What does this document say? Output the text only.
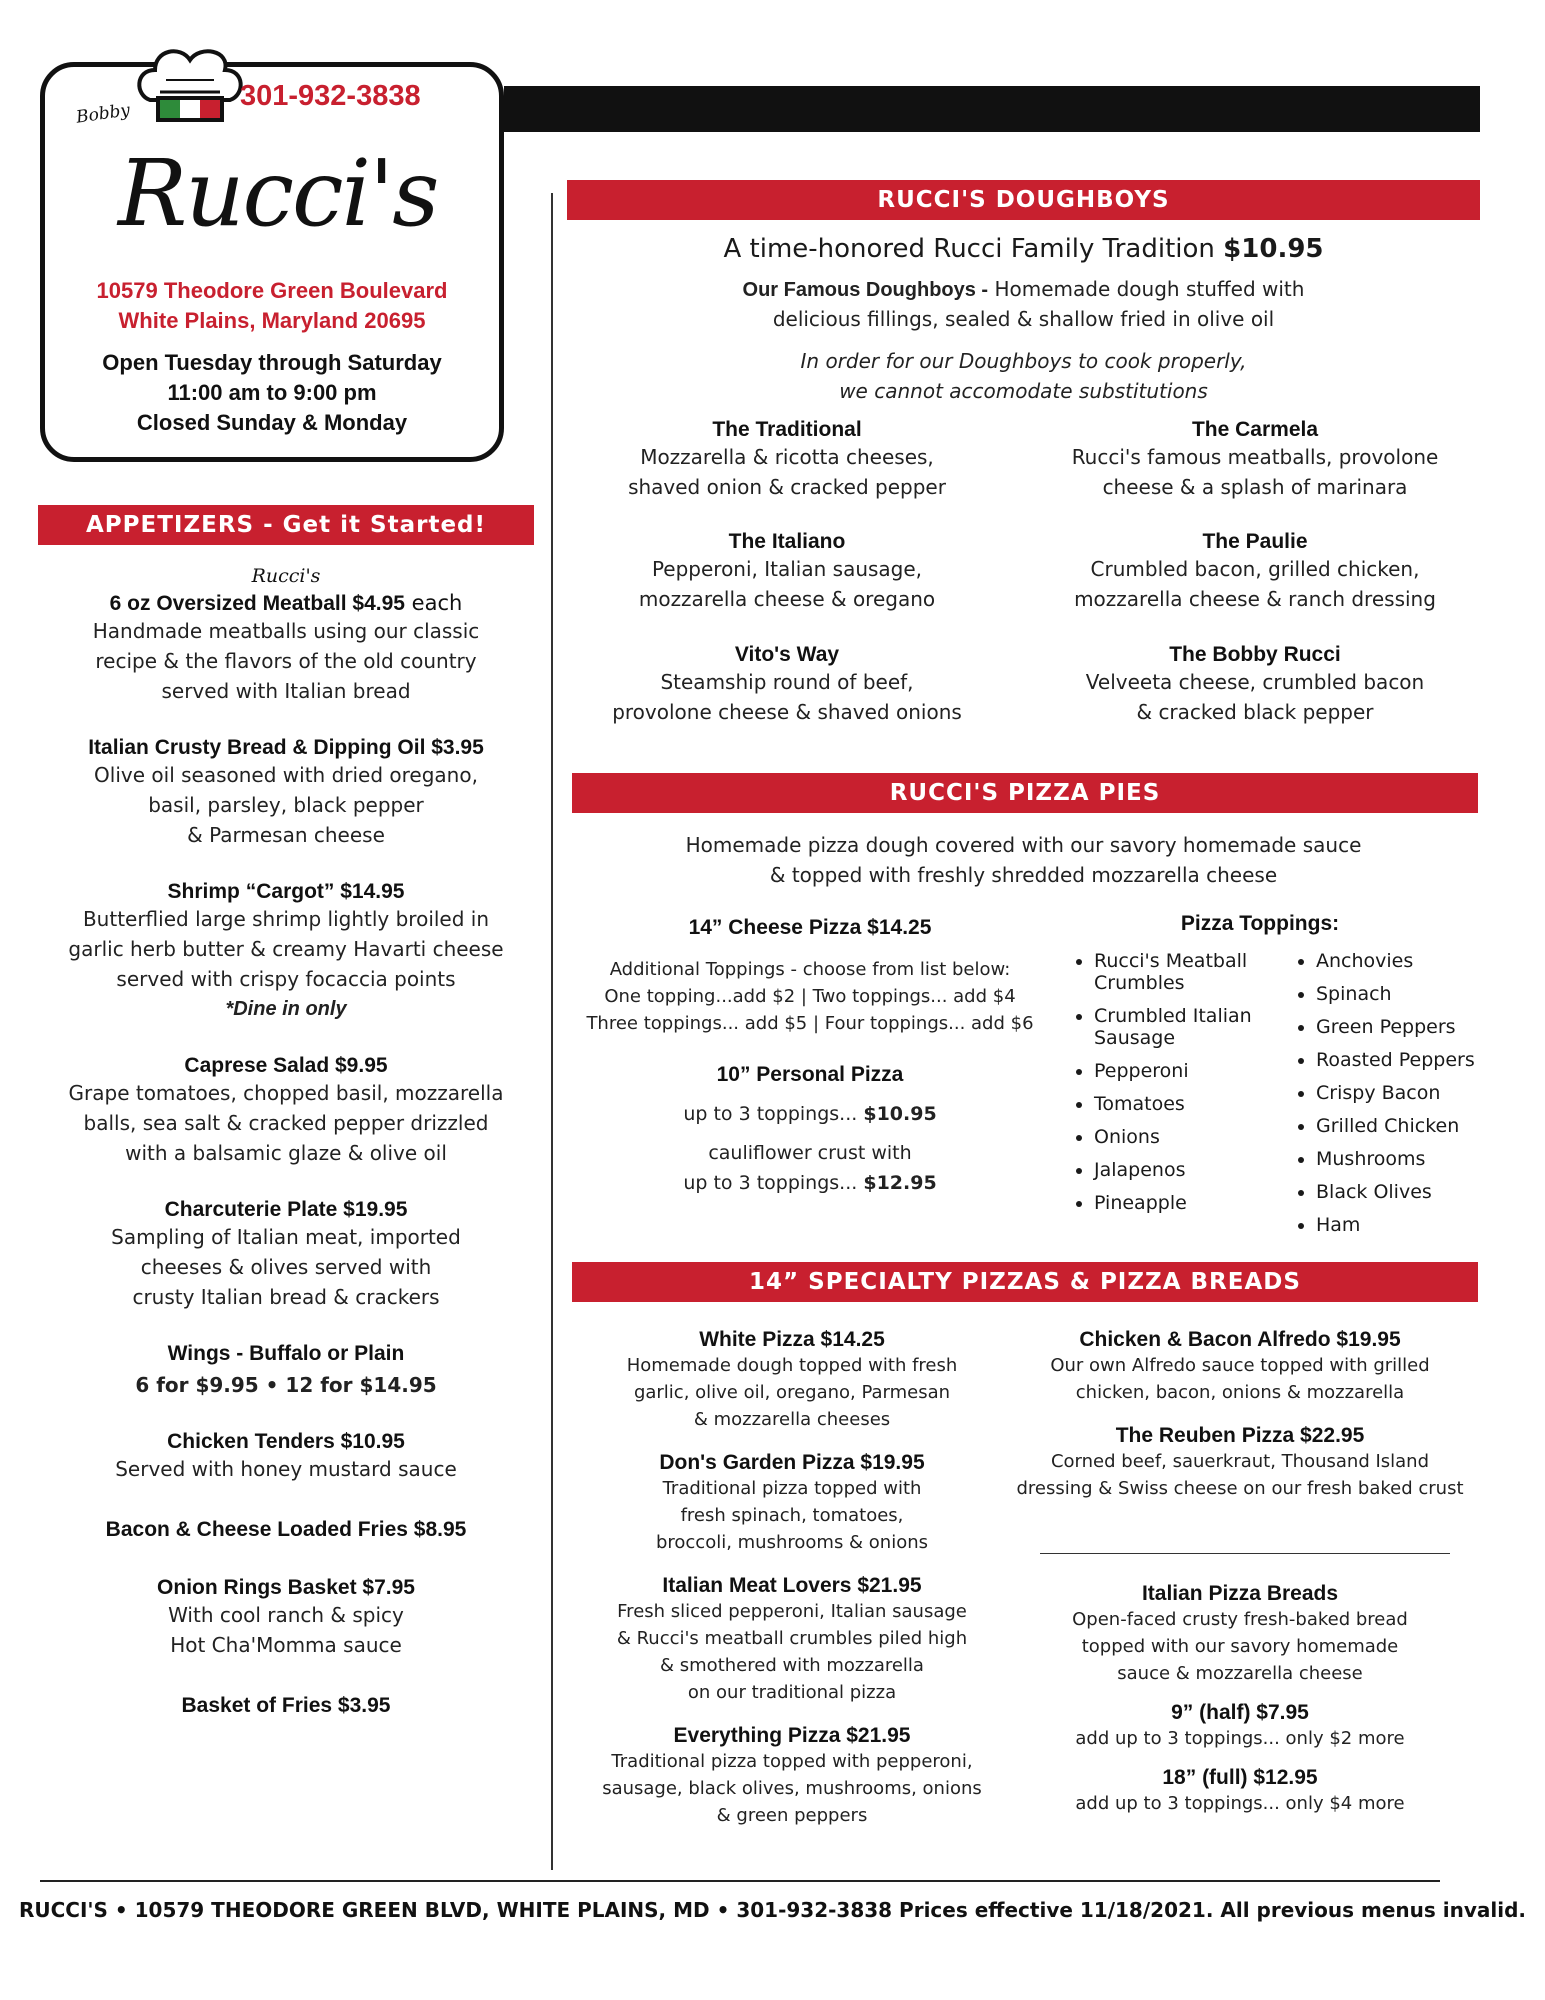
301-932-3838
Bobby
Rucci's
10579 Theodore Green Boulevard
White Plains, Maryland 20695
Open Tuesday through Saturday
11:00 am to 9:00 pm
Closed Sunday & Monday
APPETIZERS - Get it Started!
Rucci's
6 oz Oversized Meatball $4.95 each
Handmade meatballs using our classic
recipe & the flavors of the old country
served with Italian bread
Italian Crusty Bread & Dipping Oil $3.95
Olive oil seasoned with dried oregano,
basil, parsley, black pepper
& Parmesan cheese
Shrimp “Cargot” $14.95
Butterflied large shrimp lightly broiled in
garlic herb butter & creamy Havarti cheese
served with crispy focaccia points
*Dine in only
Caprese Salad $9.95
Grape tomatoes, chopped basil, mozzarella
balls, sea salt & cracked pepper drizzled
with a balsamic glaze & olive oil
Charcuterie Plate $19.95
Sampling of Italian meat, imported
cheeses & olives served with
crusty Italian bread & crackers
Wings - Buffalo or Plain
6 for $9.95 • 12 for $14.95
Chicken Tenders $10.95
Served with honey mustard sauce
Bacon & Cheese Loaded Fries $8.95
Onion Rings Basket $7.95
With cool ranch & spicy
Hot Cha'Momma sauce
Basket of Fries $3.95
RUCCI'S DOUGHBOYS
A time-honored Rucci Family Tradition $10.95
Our Famous Doughboys - Homemade dough stuffed with
delicious fillings, sealed & shallow fried in olive oil
In order for our Doughboys to cook properly,
we cannot accomodate substitutions
The Traditional
Mozzarella & ricotta cheeses,
shaved onion & cracked pepper
The Carmela
Rucci's famous meatballs, provolone
cheese & a splash of marinara
The Italiano
Pepperoni, Italian sausage,
mozzarella cheese & oregano
The Paulie
Crumbled bacon, grilled chicken,
mozzarella cheese & ranch dressing
Vito's Way
Steamship round of beef,
provolone cheese & shaved onions
The Bobby Rucci
Velveeta cheese, crumbled bacon
& cracked black pepper
RUCCI'S PIZZA PIES
Homemade pizza dough covered with our savory homemade sauce
& topped with freshly shredded mozzarella cheese
14” Cheese Pizza $14.25
Additional Toppings - choose from list below:
One topping...add $2 | Two toppings... add $4
Three toppings... add $5 | Four toppings... add $6
10” Personal Pizza
up to 3 toppings... $10.95
cauliflower crust with
up to 3 toppings... $12.95
Pizza Toppings:
• Rucci's Meatball Crumbles
• Crumbled Italian Sausage
• Pepperoni
• Tomatoes
• Onions
• Jalapenos
• Pineapple
• Anchovies
• Spinach
• Green Peppers
• Roasted Peppers
• Crispy Bacon
• Grilled Chicken
• Mushrooms
• Black Olives
• Ham
14” SPECIALTY PIZZAS & PIZZA BREADS
White Pizza $14.25
Homemade dough topped with fresh
garlic, olive oil, oregano, Parmesan
& mozzarella cheeses
Don's Garden Pizza $19.95
Traditional pizza topped with
fresh spinach, tomatoes,
broccoli, mushrooms & onions
Italian Meat Lovers $21.95
Fresh sliced pepperoni, Italian sausage
& Rucci's meatball crumbles piled high
& smothered with mozzarella
on our traditional pizza
Everything Pizza $21.95
Traditional pizza topped with pepperoni,
sausage, black olives, mushrooms, onions
& green peppers
Chicken & Bacon Alfredo $19.95
Our own Alfredo sauce topped with grilled
chicken, bacon, onions & mozzarella
The Reuben Pizza $22.95
Corned beef, sauerkraut, Thousand Island
dressing & Swiss cheese on our fresh baked crust
Italian Pizza Breads
Open-faced crusty fresh-baked bread
topped with our savory homemade
sauce & mozzarella cheese
9” (half) $7.95
add up to 3 toppings... only $2 more
18” (full) $12.95
add up to 3 toppings... only $4 more
RUCCI'S • 10579 THEODORE GREEN BLVD, WHITE PLAINS, MD • 301-932-3838 Prices effective 11/18/2021. All previous menus invalid.
